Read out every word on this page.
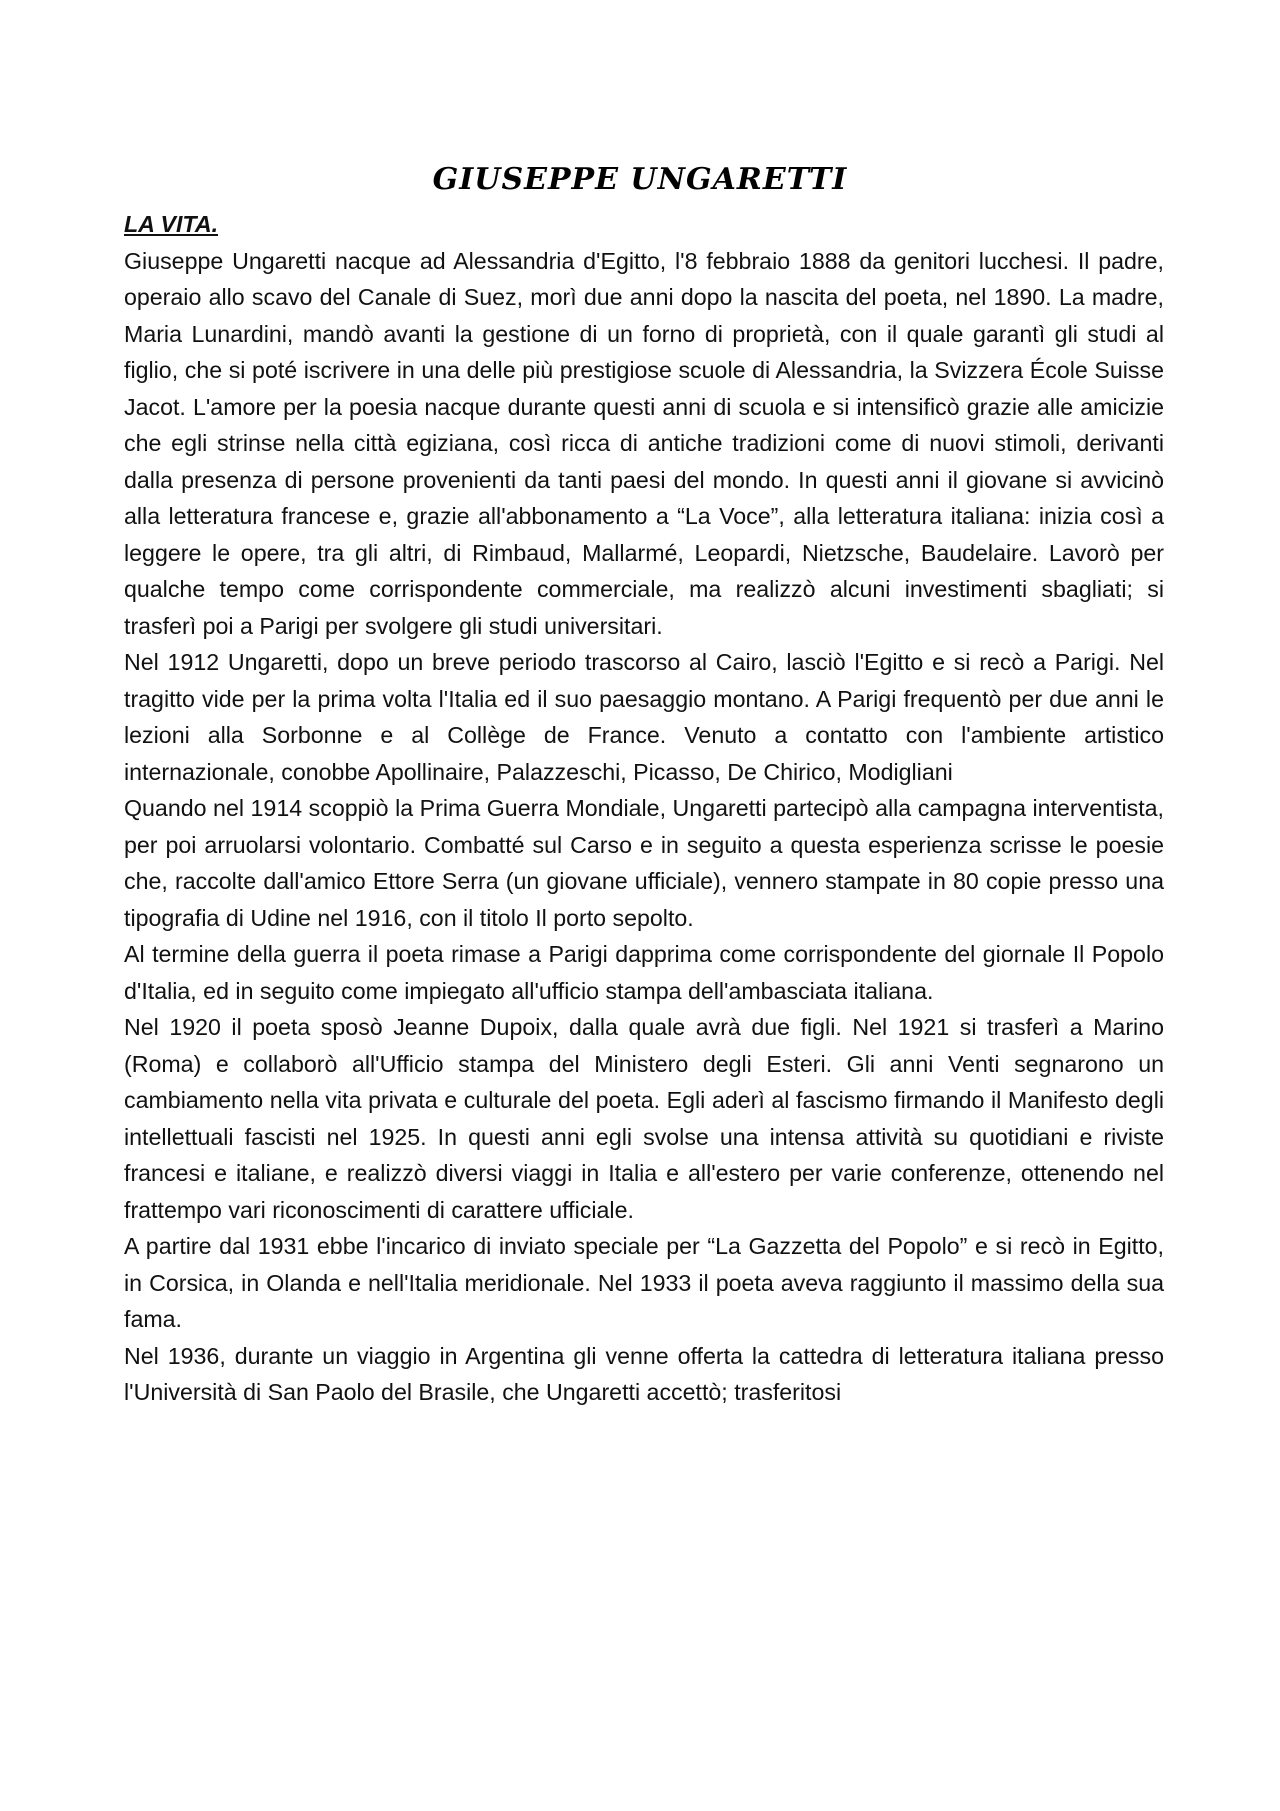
GIUSEPPE UNGARETTI
LA VITA.

Giuseppe Ungaretti nacque ad Alessandria d'Egitto, l'8 febbraio 1888 da genitori lucchesi. Il padre, operaio allo scavo del Canale di Suez, morì due anni dopo la nascita del poeta, nel 1890. La madre, Maria Lunardini, mandò avanti la gestione di un forno di proprietà, con il quale garantì gli studi al figlio, che si poté iscrivere in una delle più prestigiose scuole di Alessandria, la Svizzera École Suisse Jacot. L'amore per la poesia nacque durante questi anni di scuola e si intensificò grazie alle amicizie che egli strinse nella città egiziana, così ricca di antiche tradizioni come di nuovi stimoli, derivanti dalla presenza di persone provenienti da tanti paesi del mondo. In questi anni il giovane si avvicinò alla letteratura francese e, grazie all'abbonamento a “La Voce”, alla letteratura italiana: inizia così a leggere le opere, tra gli altri, di Rimbaud, Mallarmé, Leopardi, Nietzsche, Baudelaire. Lavorò per qualche tempo come corrispondente commerciale, ma realizzò alcuni investimenti sbagliati; si trasferì poi a Parigi per svolgere gli studi universitari.

Nel 1912 Ungaretti, dopo un breve periodo trascorso al Cairo, lasciò l'Egitto e si recò a Parigi. Nel tragitto vide per la prima volta l'Italia ed il suo paesaggio montano. A Parigi frequentò per due anni le lezioni alla Sorbonne e al Collège de France. Venuto a contatto con l'ambiente artistico internazionale, conobbe Apollinaire, Palazzeschi, Picasso, De Chirico, Modigliani

Quando nel 1914 scoppiò la Prima Guerra Mondiale, Ungaretti partecipò alla campagna interventista, per poi arruolarsi volontario. Combatté sul Carso e in seguito a questa esperienza scrisse le poesie che, raccolte dall'amico Ettore Serra (un giovane ufficiale), vennero stampate in 80 copie presso una tipografia di Udine nel 1916, con il titolo Il porto sepolto.

Al termine della guerra il poeta rimase a Parigi dapprima come corrispondente del giornale Il Popolo d'Italia, ed in seguito come impiegato all'ufficio stampa dell'ambasciata italiana.

Nel 1920 il poeta sposò Jeanne Dupoix, dalla quale avrà due figli. Nel 1921 si trasferì a Marino (Roma) e collaborò all'Ufficio stampa del Ministero degli Esteri. Gli anni Venti segnarono un cambiamento nella vita privata e culturale del poeta. Egli aderì al fascismo firmando il Manifesto degli intellettuali fascisti nel 1925. In questi anni egli svolse una intensa attività su quotidiani e riviste francesi e italiane, e realizzò diversi viaggi in Italia e all'estero per varie conferenze, ottenendo nel frattempo vari riconoscimenti di carattere ufficiale.

A partire dal 1931 ebbe l'incarico di inviato speciale per “La Gazzetta del Popolo” e si recò in Egitto, in Corsica, in Olanda e nell'Italia meridionale. Nel 1933 il poeta aveva raggiunto il massimo della sua fama.

Nel 1936, durante un viaggio in Argentina gli venne offerta la cattedra di letteratura italiana presso l'Università di San Paolo del Brasile, che Ungaretti accettò; trasferitosi
